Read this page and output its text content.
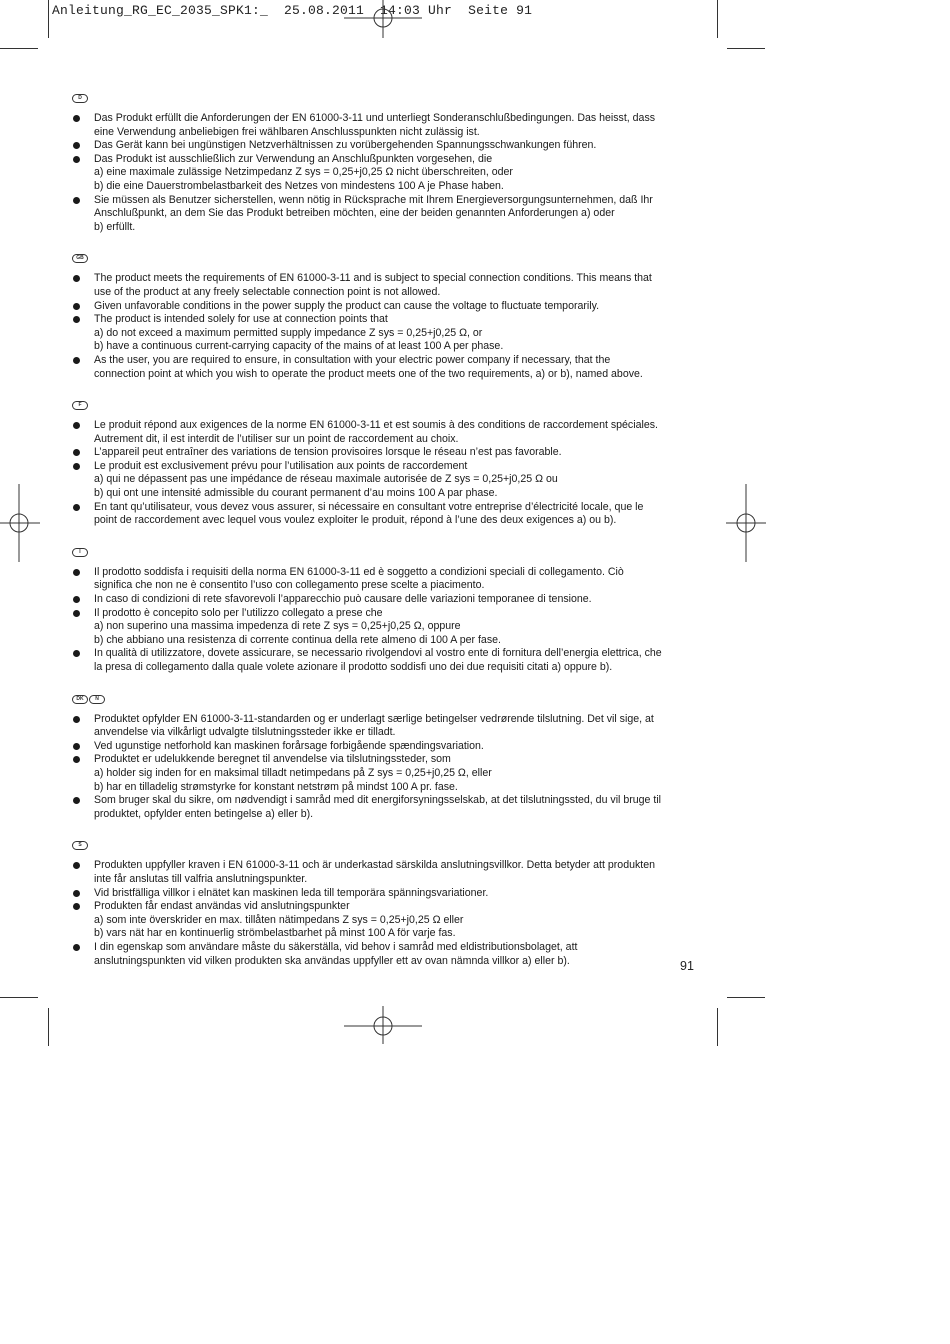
Anleitung_RG_EC_2035_SPK1:_  25.08.2011  14:03 Uhr  Seite 91
D
Das Produkt erfüllt die Anforderungen der EN 61000-3-11 und unterliegt Sonderanschlußbedingungen. Das heisst, dass
eine Verwendung anbeliebigen frei wählbaren Anschlusspunkten nicht zulässig ist.
Das Gerät kann bei ungünstigen Netzverhältnissen zu vorübergehenden Spannungsschwankungen führen.
Das Produkt ist ausschließlich zur Verwendung an Anschlußpunkten vorgesehen, die
a) eine maximale zulässige Netzimpedanz Z sys = 0,25+j0,25 Ω nicht überschreiten, oder
b) die eine Dauerstrombelastbarkeit des Netzes von mindestens 100 A je Phase haben.
Sie müssen als Benutzer sicherstellen, wenn nötig in Rücksprache mit Ihrem Energieversorgungsunternehmen, daß Ihr
Anschlußpunkt, an dem Sie das Produkt betreiben möchten, eine der beiden genannten Anforderungen a) oder
b) erfüllt.
GB
The product meets the requirements of EN 61000-3-11 and is subject to special connection conditions. This means that
use of the product at any freely selectable connection point is not allowed.
Given unfavorable conditions in the power supply the product can cause the voltage to fluctuate temporarily.
The product is intended solely for use at connection points that
a) do not exceed a maximum permitted supply impedance Z sys = 0,25+j0,25 Ω, or
b) have a continuous current-carrying capacity of the mains of at least 100 A per phase.
As the user, you are required to ensure, in consultation with your electric power company if necessary, that the
connection point at which you wish to operate the product meets one of the two requirements, a) or b), named above.
F
Le produit répond aux exigences de la norme EN 61000-3-11 et est soumis à des conditions de raccordement spéciales.
Autrement dit, il est interdit de l’utiliser sur un point de raccordement au choix.
L’appareil peut entraîner des variations de tension provisoires lorsque le réseau n’est pas favorable.
Le produit est exclusivement prévu pour l’utilisation aux points de raccordement
a) qui ne dépassent pas une impédance de réseau maximale autorisée de Z sys = 0,25+j0,25 Ω ou
b) qui ont une intensité admissible du courant permanent d’au moins 100 A par phase.
En tant qu’utilisateur, vous devez vous assurer, si nécessaire en consultant votre entreprise d’électricité locale, que le
point de raccordement avec lequel vous voulez exploiter le produit, répond à l’une des deux exigences a) ou b).
I
Il prodotto soddisfa i requisiti della norma EN 61000-3-11 ed è soggetto a condizioni speciali di collegamento. Ciò
significa che non ne è consentito l’uso con collegamento prese scelte a piacimento.
In caso di condizioni di rete sfavorevoli l’apparecchio può causare delle variazioni temporanee di tensione.
Il prodotto è concepito solo per l’utilizzo collegato a prese che
a) non superino una massima impedenza di rete Z sys = 0,25+j0,25 Ω, oppure
b) che abbiano una resistenza di corrente continua della rete almeno di 100 A per fase.
In qualità di utilizzatore, dovete assicurare, se necessario rivolgendovi al vostro ente di fornitura dell’energia elettrica, che
la presa di collegamento dalla quale volete azionare il prodotto soddisfi uno dei due requisiti citati a) oppure b).
DK N
Produktet opfylder EN 61000-3-11-standarden og er underlagt særlige betingelser vedrørende tilslutning. Det vil sige, at
anvendelse via vilkårligt udvalgte tilslutningssteder ikke er tilladt.
Ved ugunstige netforhold kan maskinen forårsage forbigående spændingsvariation.
Produktet er udelukkende beregnet til anvendelse via tilslutningssteder, som
a) holder sig inden for en maksimal tilladt netimpedans på Z sys = 0,25+j0,25 Ω, eller
b) har en tilladelig strømstyrke for konstant netstrøm på mindst 100 A pr. fase.
Som bruger skal du sikre, om nødvendigt i samråd med dit energiforsyningsselskab, at det tilslutningssted, du vil bruge til
produktet, opfylder enten betingelse a) eller b).
S
Produkten uppfyller kraven i EN 61000-3-11 och är underkastad särskilda anslutningsvillkor. Detta betyder att produkten
inte får anslutas till valfria anslutningspunkter.
Vid bristfälliga villkor i elnätet kan maskinen leda till temporära spänningsvariationer.
Produkten får endast användas vid anslutningspunkter
a) som inte överskrider en max. tillåten nätimpedans Z sys = 0,25+j0,25 Ω eller
b) vars nät har en kontinuerlig strömbelastbarhet på minst 100 A för varje fas.
I din egenskap som användare måste du säkerställa, vid behov i samråd med eldistributionsbolaget, att
anslutningspunkten vid vilken produkten ska användas uppfyller ett av ovan nämnda villkor a) eller b).	91
